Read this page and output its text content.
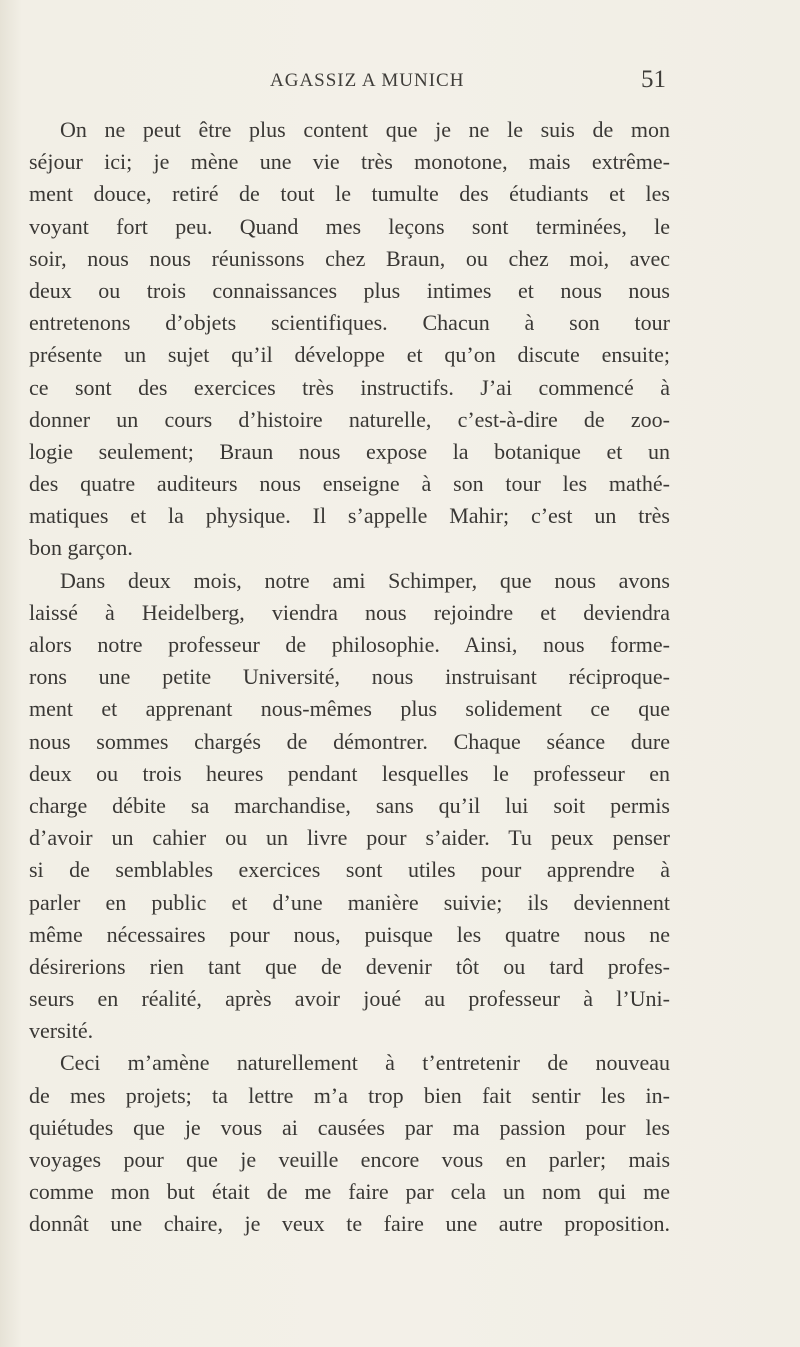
AGASSIZ A MUNICH	51
On ne peut être plus content que je ne le suis de mon
séjour ici; je mène une vie très monotone, mais extrême-
ment douce, retiré de tout le tumulte des étudiants et les
voyant fort peu. Quand mes leçons sont terminées, le
soir, nous nous réunissons chez Braun, ou chez moi, avec
deux ou trois connaissances plus intimes et nous nous
entretenons d’objets scientifiques. Chacun à son tour
présente un sujet qu’il développe et qu’on discute ensuite;
ce sont des exercices très instructifs. J’ai commencé à
donner un cours d’histoire naturelle, c’est-à-dire de zoo-
logie seulement; Braun nous expose la botanique et un
des quatre auditeurs nous enseigne à son tour les mathé-
matiques et la physique. Il s’appelle Mahir; c’est un très
bon garçon.
Dans deux mois, notre ami Schimper, que nous avons
laissé à Heidelberg, viendra nous rejoindre et deviendra
alors notre professeur de philosophie. Ainsi, nous forme-
rons une petite Université, nous instruisant réciproque-
ment et apprenant nous-mêmes plus solidement ce que
nous sommes chargés de démontrer. Chaque séance dure
deux ou trois heures pendant lesquelles le professeur en
charge débite sa marchandise, sans qu’il lui soit permis
d’avoir un cahier ou un livre pour s’aider. Tu peux penser
si de semblables exercices sont utiles pour apprendre à
parler en public et d’une manière suivie; ils deviennent
même nécessaires pour nous, puisque les quatre nous ne
désirerions rien tant que de devenir tôt ou tard profes-
seurs en réalité, après avoir joué au professeur à l’Uni-
versité.
Ceci m’amène naturellement à t’entretenir de nouveau
de mes projets; ta lettre m’a trop bien fait sentir les in-
quiétudes que je vous ai causées par ma passion pour les
voyages pour que je veuille encore vous en parler; mais
comme mon but était de me faire par cela un nom qui me
donnât une chaire, je veux te faire une autre proposition.
